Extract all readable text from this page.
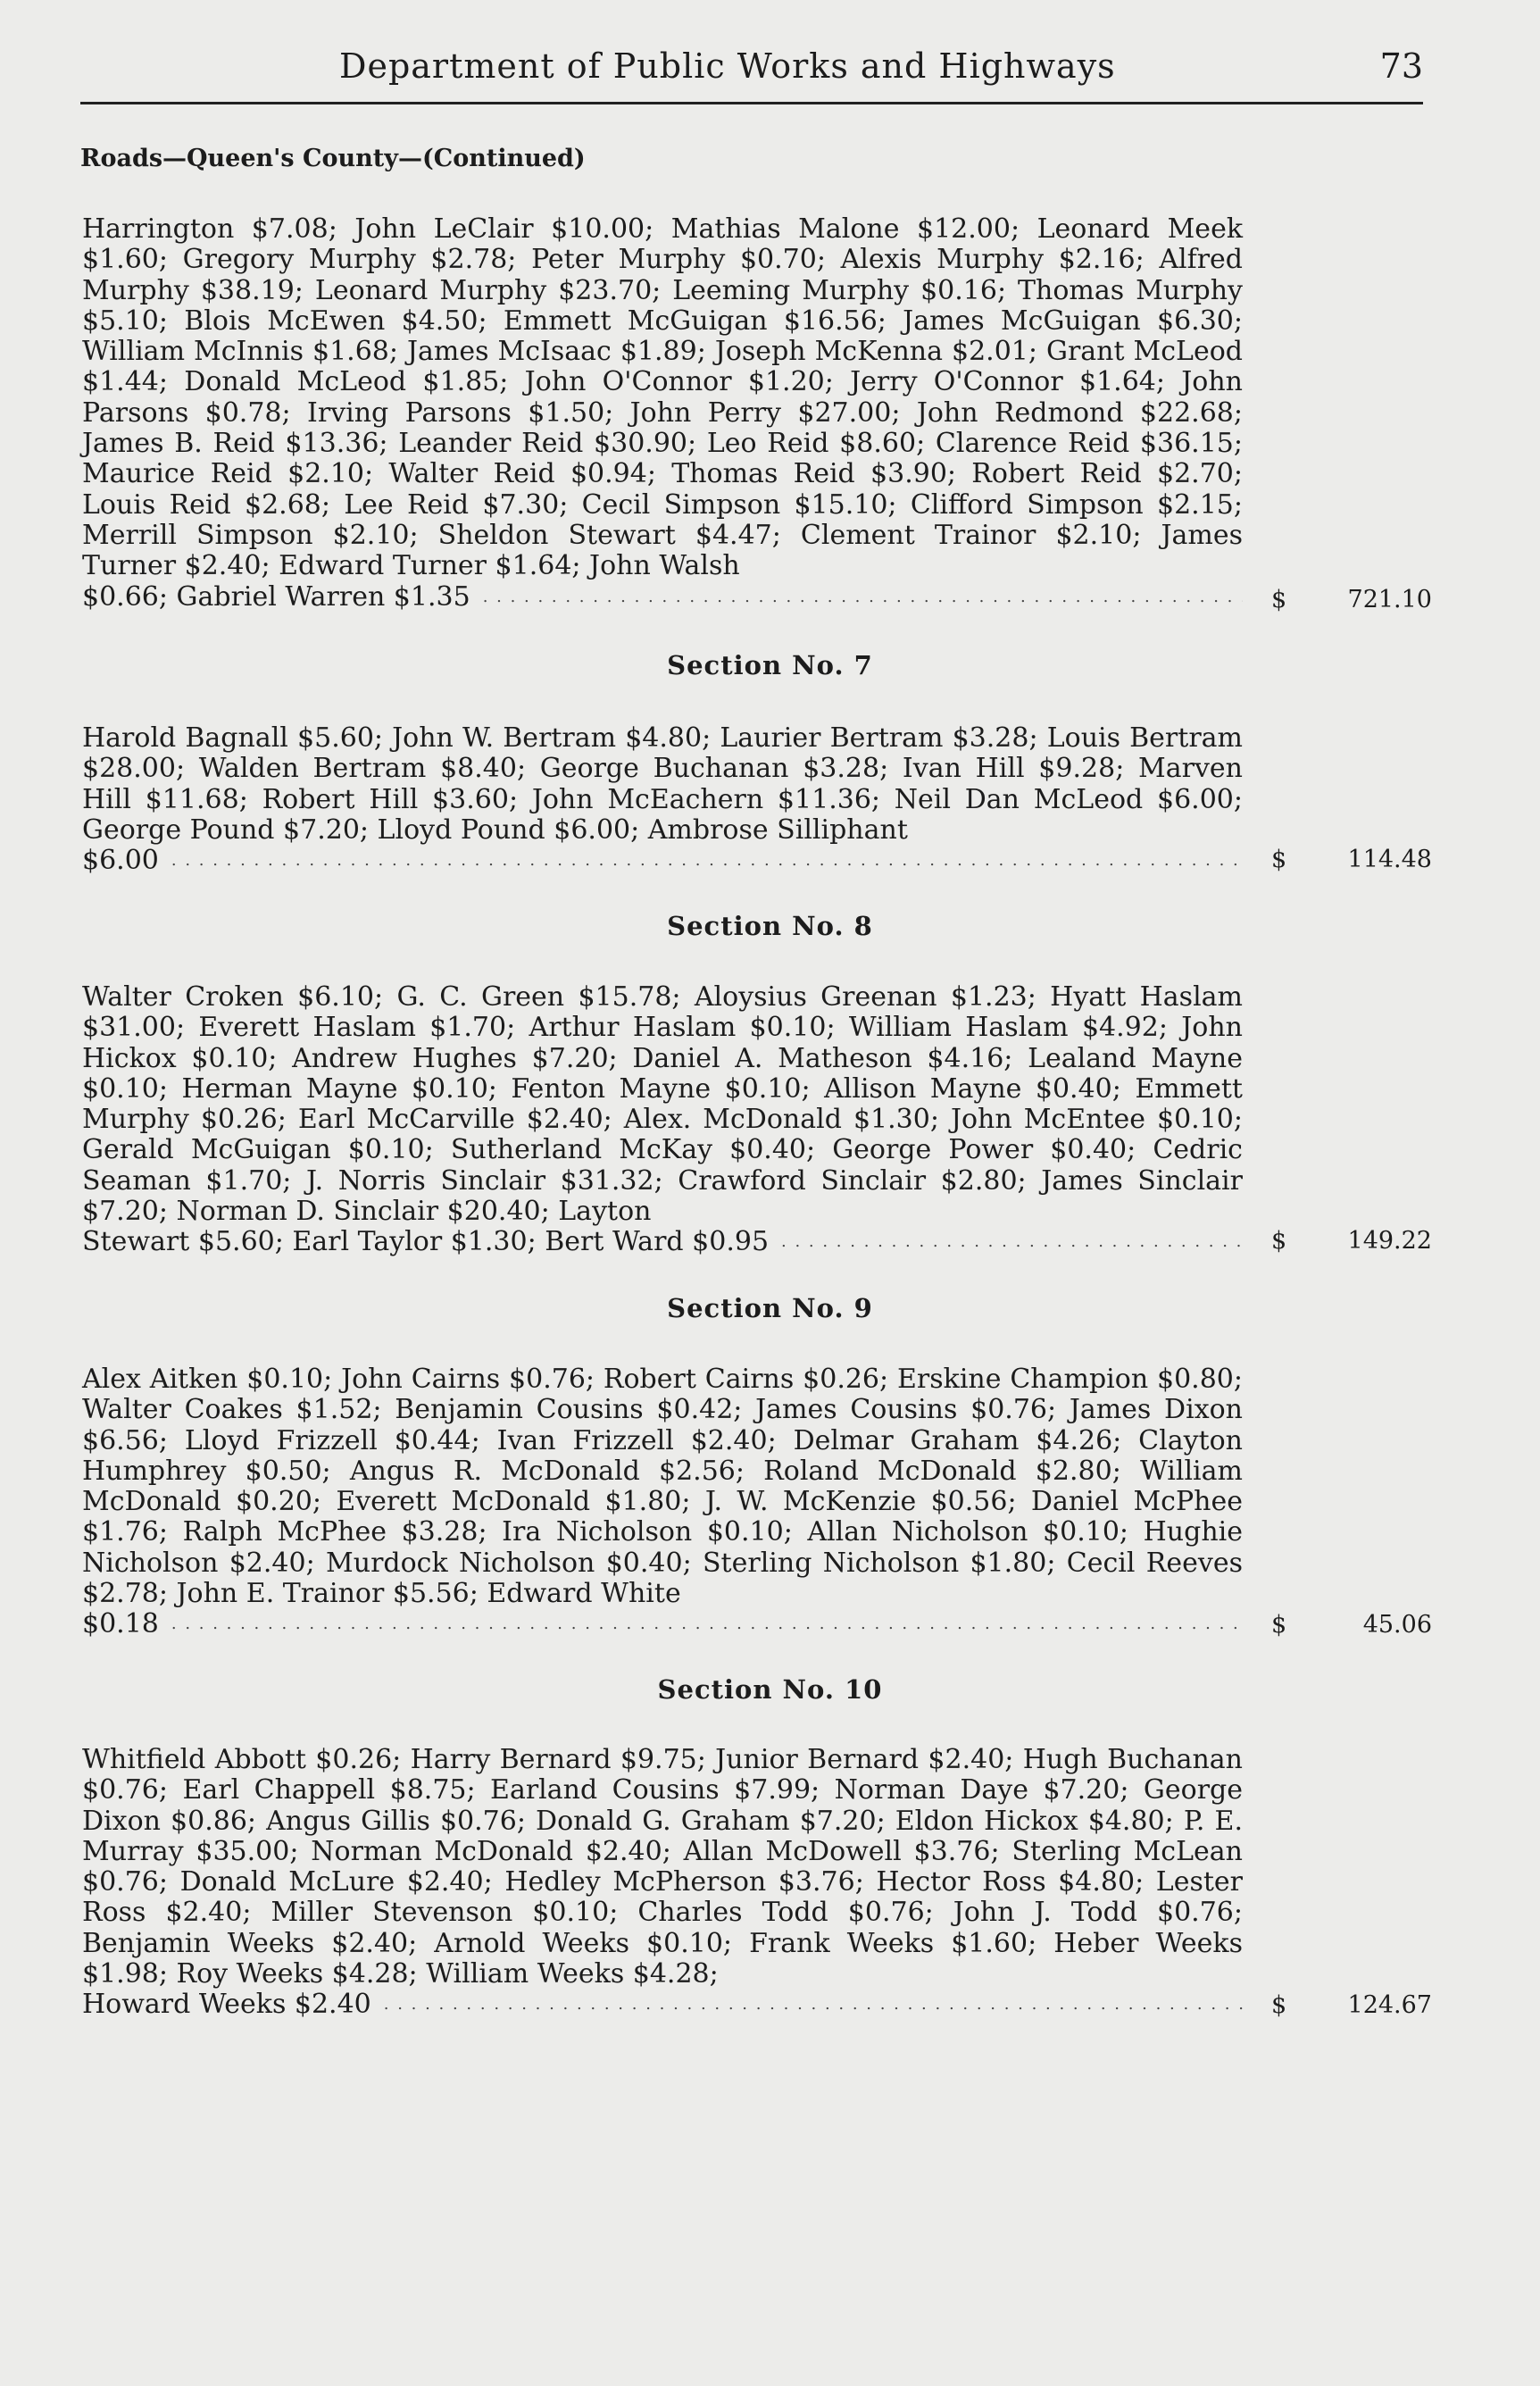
Department of Public Works and Highways	73
Roads—Queen's County—(Continued)
Harrington $7.08; John LeClair $10.00; Mathias Malone $12.00; Leonard Meek $1.60; Gregory Murphy $2.78; Peter Murphy $0.70; Alexis Murphy $2.16; Alfred Murphy $38.19; Leonard Murphy $23.70; Leeming Murphy $0.16; Thomas Murphy $5.10; Blois McEwen $4.50; Emmett McGuigan $16.56; James McGuigan $6.30; William McInnis $1.68; James McIsaac $1.89; Joseph McKenna $2.01; Grant McLeod $1.44; Donald McLeod $1.85; John O'Connor $1.20; Jerry O'Connor $1.64; John Parsons $0.78; Irving Parsons $1.50; John Perry $27.00; John Redmond $22.68; James B. Reid $13.36; Leander Reid $30.90; Leo Reid $8.60; Clarence Reid $36.15; Maurice Reid $2.10; Walter Reid $0.94; Thomas Reid $3.90; Robert Reid $2.70; Louis Reid $2.68; Lee Reid $7.30; Cecil Simpson $15.10; Clifford Simpson $2.15; Merrill Simpson $2.10; Sheldon Stewart $4.47; Clement Trainor $2.10; James Turner $2.40; Edward Turner $1.64; John Walsh
$0.66; Gabriel Warren $1.35 . . .	$	721.10
Section No. 7
Harold Bagnall $5.60; John W. Bertram $4.80; Laurier Bertram $3.28; Louis Bertram $28.00; Walden Bertram $8.40; George Buchanan $3.28; Ivan Hill $9.28; Marven Hill $11.68; Robert Hill $3.60; John McEachern $11.36; Neil Dan McLeod $6.00; George Pound $7.20; Lloyd Pound $6.00; Ambrose Silliphant
$6.00 . . .	$	114.48
Section No. 8
Walter Croken $6.10; G. C. Green $15.78; Aloysius Greenan $1.23; Hyatt Haslam $31.00; Everett Haslam $1.70; Arthur Haslam $0.10; William Haslam $4.92; John Hickox $0.10; Andrew Hughes $7.20; Daniel A. Matheson $4.16; Lealand Mayne $0.10; Herman Mayne $0.10; Fenton Mayne $0.10; Allison Mayne $0.40; Emmett Murphy $0.26; Earl McCarville $2.40; Alex. McDonald $1.30; John McEntee $0.10; Gerald McGuigan $0.10; Sutherland McKay $0.40; George Power $0.40; Cedric Seaman $1.70; J. Norris Sinclair $31.32; Crawford Sinclair $2.80; James Sinclair $7.20; Norman D. Sinclair $20.40; Layton
Stewart $5.60; Earl Taylor $1.30; Bert Ward $0.95 . . .	$	149.22
Section No. 9
Alex Aitken $0.10; John Cairns $0.76; Robert Cairns $0.26; Erskine Champion $0.80; Walter Coakes $1.52; Benjamin Cousins $0.42; James Cousins $0.76; James Dixon $6.56; Lloyd Frizzell $0.44; Ivan Frizzell $2.40; Delmar Graham $4.26; Clayton Humphrey $0.50; Angus R. McDonald $2.56; Roland McDonald $2.80; William McDonald $0.20; Everett McDonald $1.80; J. W. McKenzie $0.56; Daniel McPhee $1.76; Ralph McPhee $3.28; Ira Nicholson $0.10; Allan Nicholson $0.10; Hughie Nicholson $2.40; Murdock Nicholson $0.40; Sterling Nicholson $1.80; Cecil Reeves $2.78; John E. Trainor $5.56; Edward White
$0.18 . . .	$	45.06
Section No. 10
Whitfield Abbott $0.26; Harry Bernard $9.75; Junior Bernard $2.40; Hugh Buchanan $0.76; Earl Chappell $8.75; Earland Cousins $7.99; Norman Daye $7.20; George Dixon $0.86; Angus Gillis $0.76; Donald G. Graham $7.20; Eldon Hickox $4.80; P. E. Murray $35.00; Norman McDonald $2.40; Allan McDowell $3.76; Sterling McLean $0.76; Donald McLure $2.40; Hedley McPherson $3.76; Hector Ross $4.80; Lester Ross $2.40; Miller Stevenson $0.10; Charles Todd $0.76; John J. Todd $0.76; Benjamin Weeks $2.40; Arnold Weeks $0.10; Frank Weeks $1.60; Heber Weeks $1.98; Roy Weeks $4.28; William Weeks $4.28;
Howard Weeks $2.40 . . .	$	124.67
